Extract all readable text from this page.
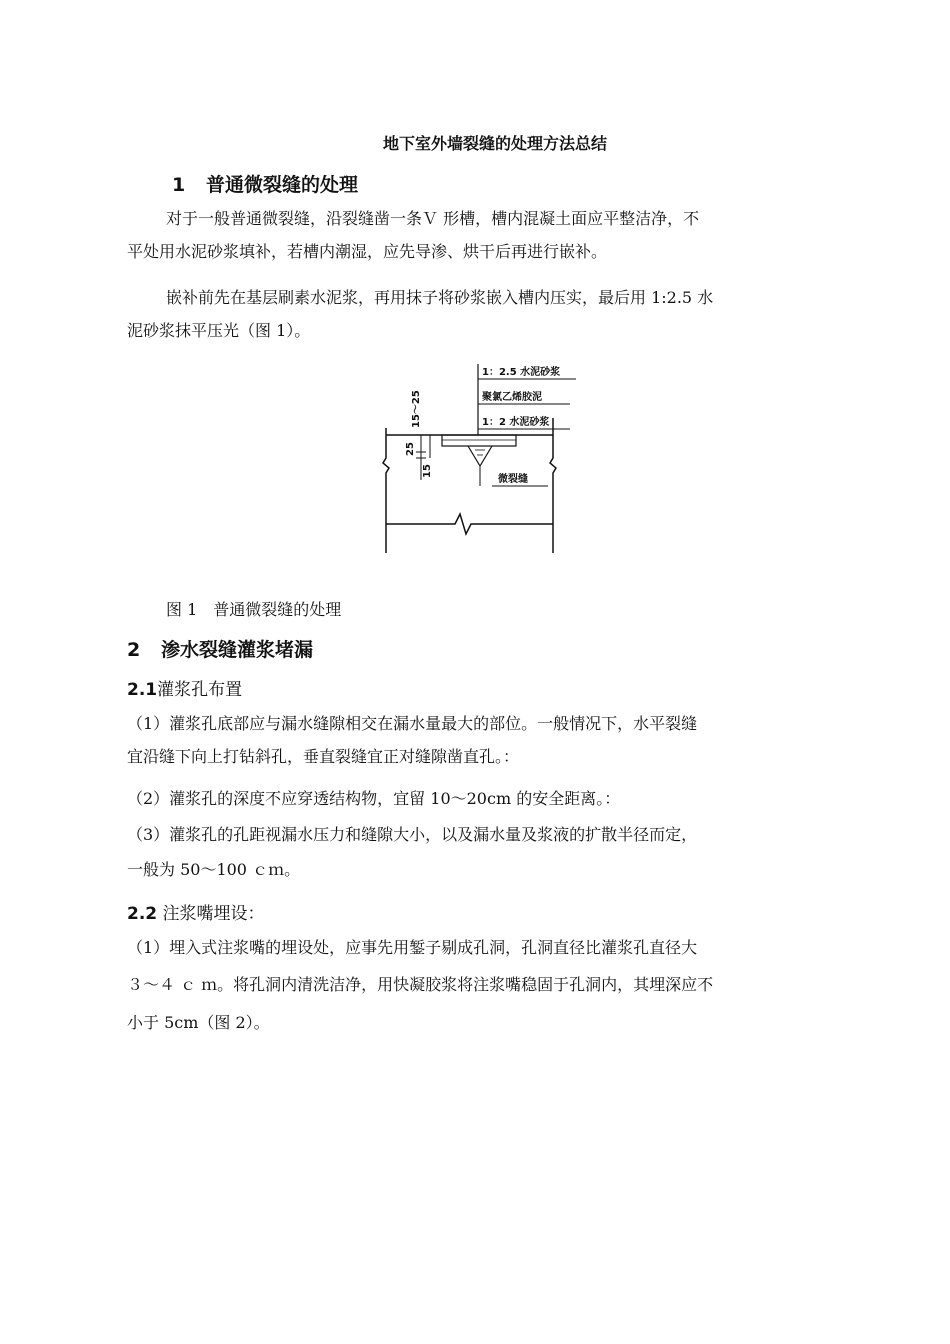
地下室外墙裂缝的处理方法总结

1 普通微裂缝的处理

对于一般普通微裂缝，沿裂缝凿一条Ｖ 形槽，槽内混凝土面应平整洁净，不

平处用水泥砂浆填补，若槽内潮湿，应先导渗、烘干后再进行嵌补。

嵌补前先在基层刷素水泥浆，再用抹子将砂浆嵌入槽内压实，最后用 1:2.5 水

泥砂浆抹平压光（图 1）。

1：2.5 水泥砂浆
聚氯乙烯胶泥
1：2 水泥砂浆
微裂缝
15～25
25
15

图 1　普通微裂缝的处理

2 渗水裂缝灌浆堵漏

2.1灌浆孔布置

（1）灌浆孔底部应与漏水缝隙相交在漏水量最大的部位。一般情况下，水平裂缝

宜沿缝下向上打钻斜孔，垂直裂缝宜正对缝隙凿直孔。：

（2）灌浆孔的深度不应穿透结构物，宜留 10～20cm 的安全距离。：

（3）灌浆孔的孔距视漏水压力和缝隙大小，以及漏水量及浆液的扩散半径而定，

一般为 50～100 ｃｍ。

2.2 注浆嘴埋设：

（1）埋入式注浆嘴的埋设处，应事先用錾子剔成孔洞，孔洞直径比灌浆孔直径大

３～４ ｃ ｍ。将孔洞内清洗洁净，用快凝胶浆将注浆嘴稳固于孔洞内，其埋深应不

小于 5cm（图 2）。
